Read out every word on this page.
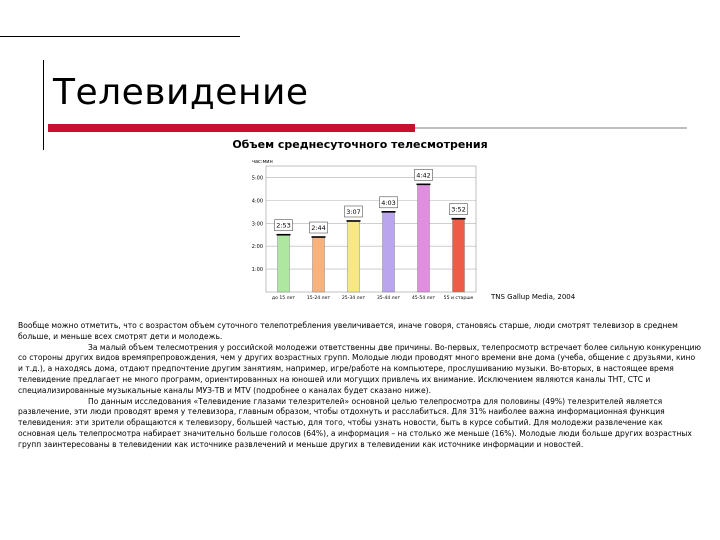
Телевидение
Объем среднесуточного телесмотрения
5:00
4:00
3:00
2:00
1:00
час:мин
2:53	2:44
3:07
4:03
4:42
3:52
до 15 лет	15-24 лет	25-34 лет	35-44 лет	45-54 лет 55 и старше	TNS Gallup Media, 2004

Вообще можно отметить, что с возрастом объем суточного телепотребления увеличивается, иначе говоря, становясь старше, люди смотрят телевизор в среднем больше, и меньше всех смотрят дети и молодежь.

За малый объем телесмотрения у российской молодежи ответственны две причины. Во-первых, телепросмотр встречает более сильную конкуренцию со стороны других видов времяпрепровождения, чем у других возрастных групп. Молодые люди проводят много времени вне дома (учеба, общение с друзьями, кино и т.д.), а находясь дома, отдают предпочтение другим занятиям, например, игре/работе на компьютере, прослушиванию музыки. Во-вторых, в настоящее время телевидение предлагает не много программ, ориентированных на юношей или могущих привлечь их внимание. Исключением являются каналы ТНТ, СТС и специализированные музыкальные каналы МУЗ-ТВ и MTV (подробнее о каналах будет сказано ниже).

По данным исследования «Телевидение глазами телезрителей» основной целью телепросмотра для половины (49%) телезрителей является развлечение, эти люди проводят время у телевизора, главным образом, чтобы отдохнуть и расслабиться. Для 31% наиболее важна информационная функция телевидения: эти зрители обращаются к телевизору, большей частью, для того, чтобы узнать новости, быть в курсе событий. Для молодежи развлечение как основная цель телепросмотра набирает значительно больше голосов (64%), а информация – на столько же меньше (16%). Молодые люди больше других возрастных групп заинтересованы в телевидении как источнике развлечений и меньше других в телевидении как источнике информации и новостей.
